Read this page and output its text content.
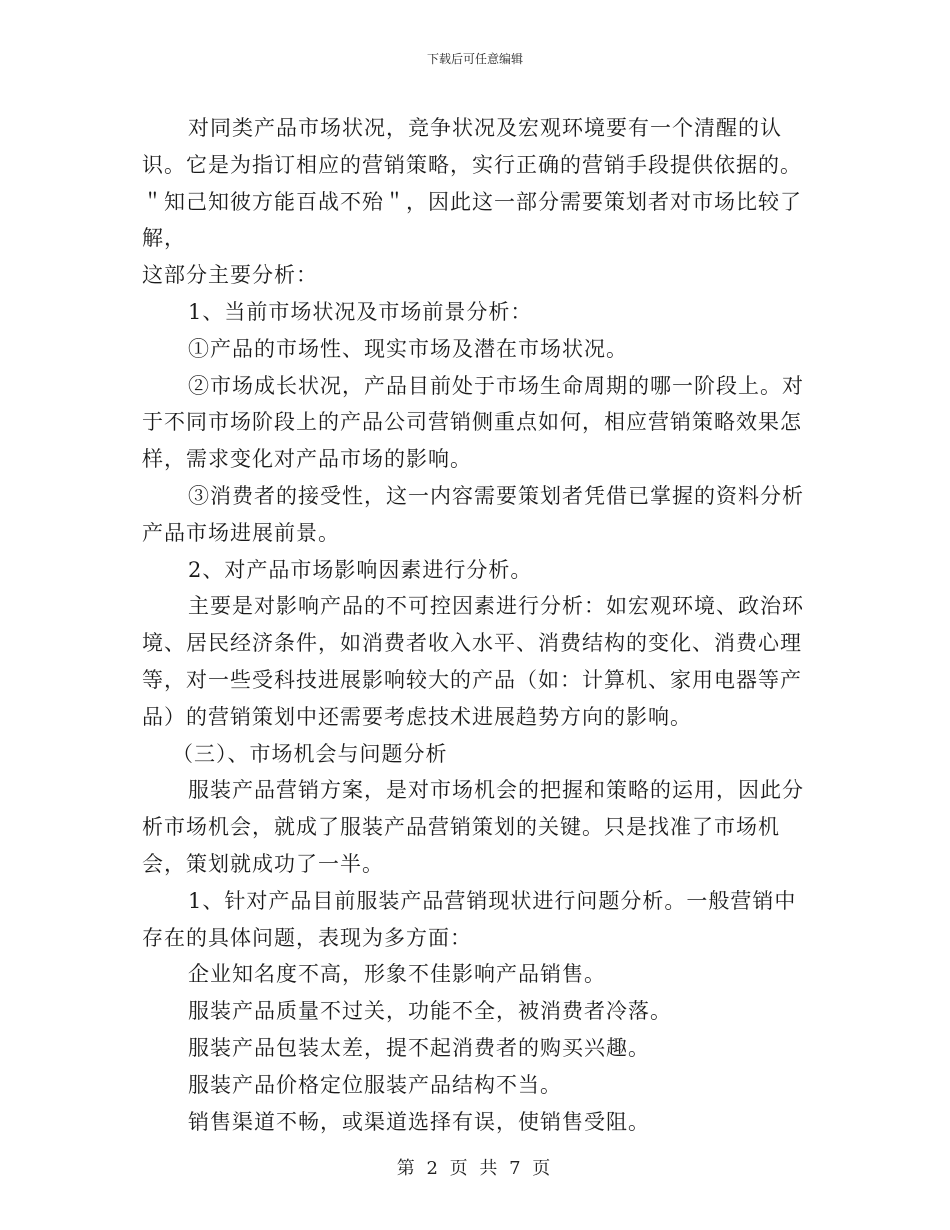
下载后可任意编辑

对同类产品市场状况，竞争状况及宏观环境要有一个清醒的认识。它是为指订相应的营销策略，实行正确的营销手段提供依据的。＂知己知彼方能百战不殆＂，因此这一部分需要策划者对市场比较了解，

这部分主要分析：

1、当前市场状况及市场前景分析：

①产品的市场性、现实市场及潜在市场状况。

②市场成长状况，产品目前处于市场生命周期的哪一阶段上。对于不同市场阶段上的产品公司营销侧重点如何，相应营销策略效果怎样，需求变化对产品市场的影响。

③消费者的接受性，这一内容需要策划者凭借已掌握的资料分析产品市场进展前景。

2、对产品市场影响因素进行分析。

主要是对影响产品的不可控因素进行分析：如宏观环境、政治环境、居民经济条件，如消费者收入水平、消费结构的变化、消费心理等，对一些受科技进展影响较大的产品（如：计算机、家用电器等产品）的营销策划中还需要考虑技术进展趋势方向的影响。

（三）、市场机会与问题分析

服装产品营销方案，是对市场机会的把握和策略的运用，因此分析市场机会，就成了服装产品营销策划的关键。只是找准了市场机会，策划就成功了一半。

1、针对产品目前服装产品营销现状进行问题分析。一般营销中存在的具体问题，表现为多方面：

企业知名度不高，形象不佳影响产品销售。

服装产品质量不过关，功能不全，被消费者冷落。

服装产品包装太差，提不起消费者的购买兴趣。

服装产品价格定位服装产品结构不当。

销售渠道不畅，或渠道选择有误，使销售受阻。

第 2 页 共 7 页
